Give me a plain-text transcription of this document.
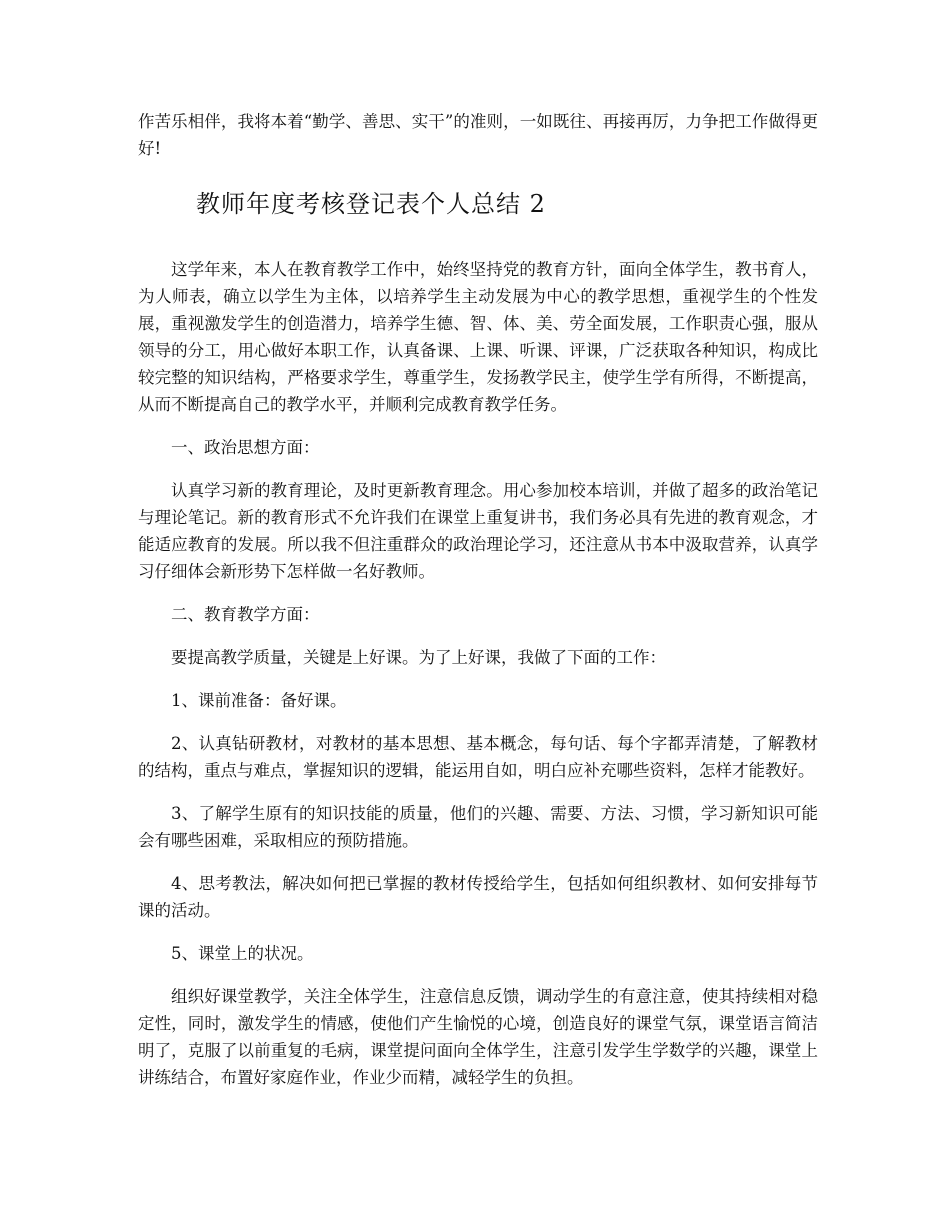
作苦乐相伴，我将本着“勤学、善思、实干”的准则，一如既往、再接再厉，力争把工作做得更好!

教师年度考核登记表个人总结 2

这学年来，本人在教育教学工作中，始终坚持党的教育方针，面向全体学生，教书育人，为人师表，确立以学生为主体，以培养学生主动发展为中心的教学思想，重视学生的个性发展，重视激发学生的创造潜力，培养学生德、智、体、美、劳全面发展，工作职责心强，服从领导的分工，用心做好本职工作，认真备课、上课、听课、评课，广泛获取各种知识，构成比较完整的知识结构，严格要求学生，尊重学生，发扬教学民主，使学生学有所得，不断提高，从而不断提高自己的教学水平，并顺利完成教育教学任务。

一、政治思想方面：

认真学习新的教育理论，及时更新教育理念。用心参加校本培训，并做了超多的政治笔记与理论笔记。新的教育形式不允许我们在课堂上重复讲书，我们务必具有先进的教育观念，才能适应教育的发展。所以我不但注重群众的政治理论学习，还注意从书本中汲取营养，认真学习仔细体会新形势下怎样做一名好教师。

二、教育教学方面：

要提高教学质量，关键是上好课。为了上好课，我做了下面的工作：

1、课前准备：备好课。

2、认真钻研教材，对教材的基本思想、基本概念，每句话、每个字都弄清楚，了解教材的结构，重点与难点，掌握知识的逻辑，能运用自如，明白应补充哪些资料，怎样才能教好。

3、了解学生原有的知识技能的质量，他们的兴趣、需要、方法、习惯，学习新知识可能会有哪些困难，采取相应的预防措施。

4、思考教法，解决如何把已掌握的教材传授给学生，包括如何组织教材、如何安排每节课的活动。

5、课堂上的状况。

组织好课堂教学，关注全体学生，注意信息反馈，调动学生的有意注意，使其持续相对稳定性，同时，激发学生的情感，使他们产生愉悦的心境，创造良好的课堂气氛，课堂语言简洁明了，克服了以前重复的毛病，课堂提问面向全体学生，注意引发学生学数学的兴趣，课堂上讲练结合，布置好家庭作业，作业少而精，减轻学生的负担。
